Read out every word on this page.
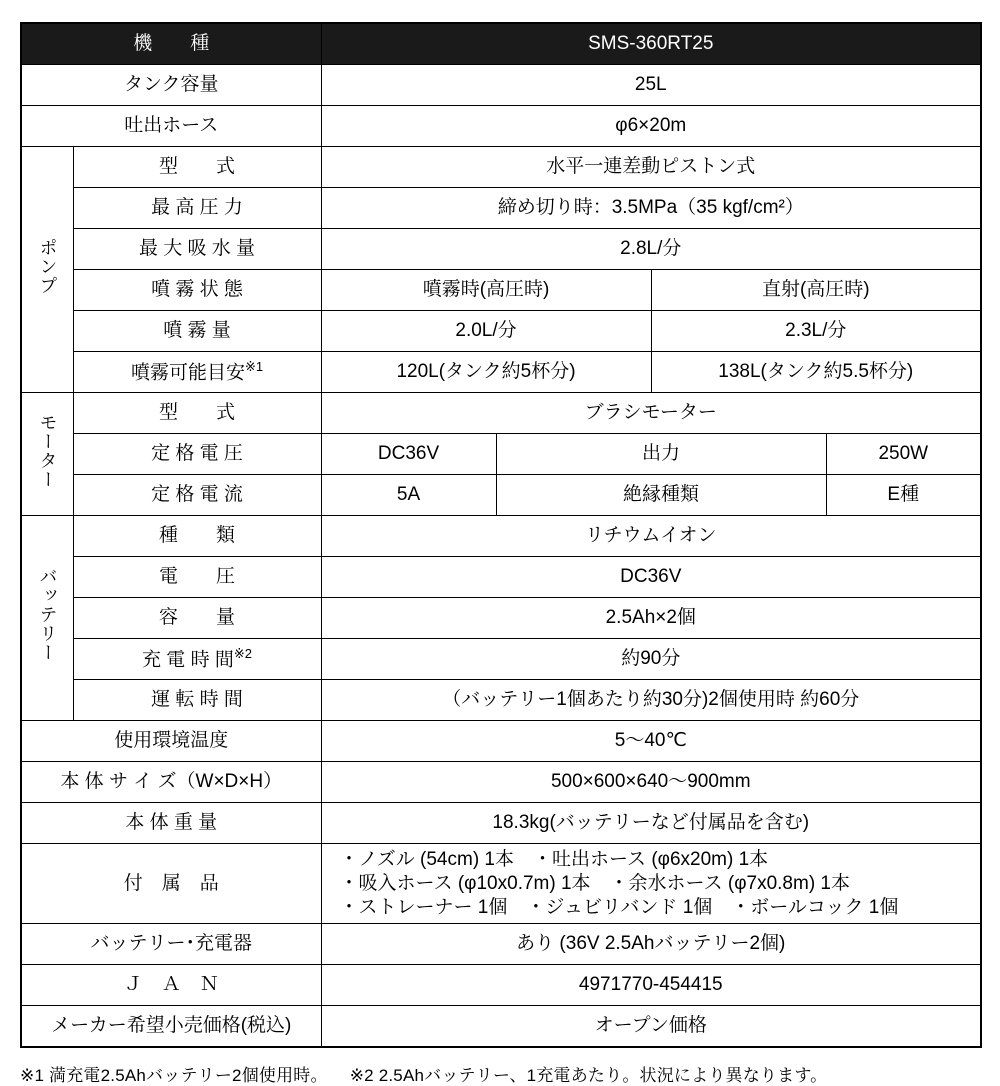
機　　種		SMS-360RT25			
タンク容量		25L			
吐出ホース		φ6×20m			
ポンプ	型　　式	水平一連差動ピストン式			
	最 高 圧 力	締め切り時：3.5MPa（35 kgf/cm²）			
	最 大 吸 水 量	2.8L/分			
	噴 霧 状 態	噴霧時(高圧時)		直射(高圧時)	
	噴 霧 量	2.0L/分		2.3L/分	
	噴霧可能目安$^{※1}$	120L(タンク約5杯分)		138L(タンク約5.5杯分)	
モーター	型　　式	ブラシモーター			
	定 格 電 圧	DC36V	出力		250W
	定 格 電 流	5A	絶縁種類		E種
バッテリー	種　　類	リチウムイオン			
	電　　圧	DC36V			
	容　　量	2.5Ah×2個			
	充 電 時 間$^{※2}$	約90分			
	運 転 時 間	（バッテリー1個あたり約30分)2個使用時 約60分			
使用環境温度		5〜40℃			
本 体 サ イ ズ（W×D×H）		500×600×640〜900mm			
本 体 重 量		18.3kg(バッテリーなど付属品を含む)			
付　属　品		・ノズル (54cm) 1本　・吐出ホース (φ6x20m) 1本
・吸入ホース (φ10x0.7m) 1本　・余水ホース (φ7x0.8m) 1本
・ストレーナー 1個　・ジュビリバンド 1個　・ボールコック 1個			

バッテリー･充電器		あり (36V 2.5Ahバッテリー2個)			
Ｊ　Ａ　Ｎ		4971770-454415			
メーカー希望小売価格(税込)		オープン価格			
※1 満充電2.5Ahバッテリー2個使用時。 ※2 2.5Ahバッテリー、1充電あたり。状況により異なります。
